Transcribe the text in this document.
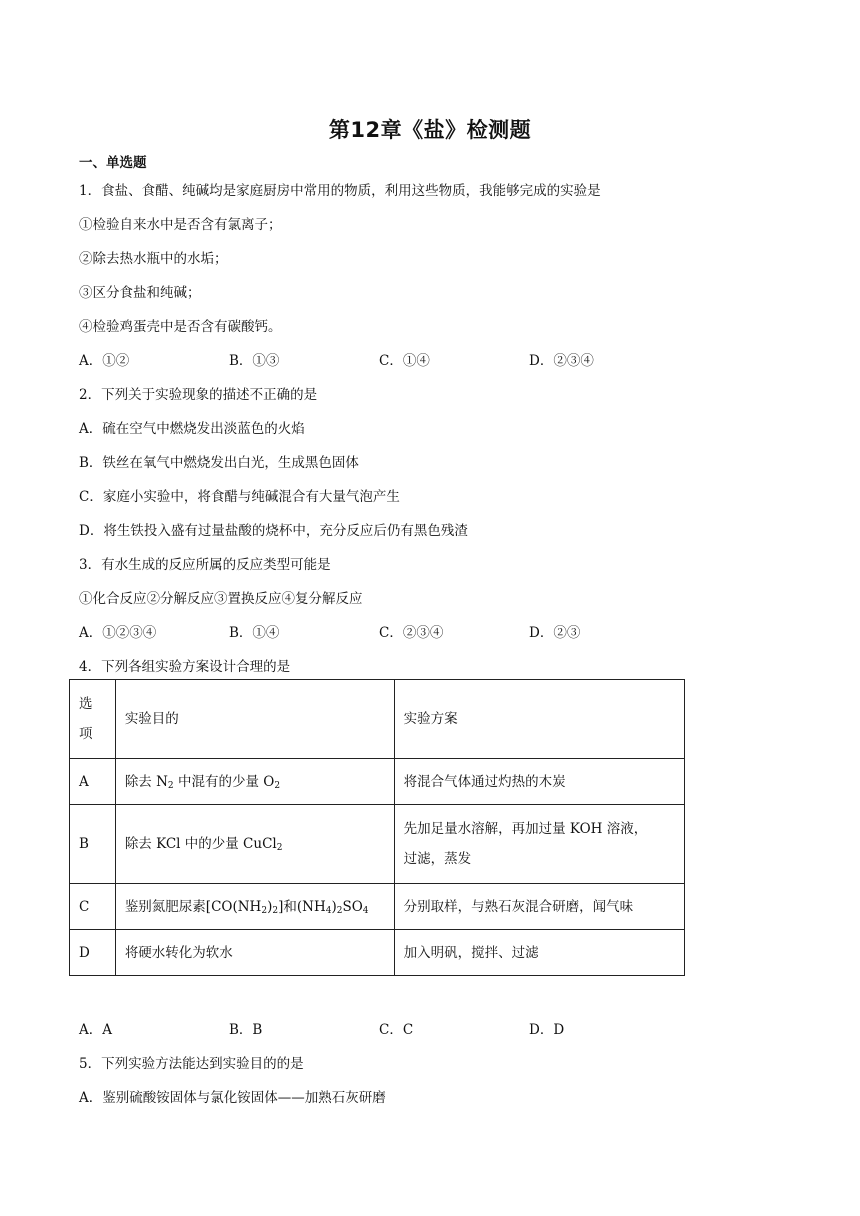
第12章《盐》检测题
一、单选题
1．食盐、食醋、纯碱均是家庭厨房中常用的物质，利用这些物质，我能够完成的实验是
①检验自来水中是否含有氯离子；
②除去热水瓶中的水垢；
③区分食盐和纯碱；
④检验鸡蛋壳中是否含有碳酸钙。
A．①②	B．①③	C．①④	D．②③④
2．下列关于实验现象的描述不正确的是
A．硫在空气中燃烧发出淡蓝色的火焰
B．铁丝在氧气中燃烧发出白光，生成黑色固体
C．家庭小实验中，将食醋与纯碱混合有大量气泡产生
D．将生铁投入盛有过量盐酸的烧杯中，充分反应后仍有黑色残渣
3．有水生成的反应所属的反应类型可能是
①化合反应②分解反应③置换反应④复分解反应
A．①②③④	B．①④	C．②③④	D．②③
4．下列各组实验方案设计合理的是
选
项	实验目的	实验方案
A	除去 $N_2$ 中混有的少量 $O_2$	将混合气体通过灼热的木炭
B	除去 KCl 中的少量 CuCl$_2$	先加足量水溶解，再加过量 KOH 溶液，
过滤，蒸发

C	鉴别氮肥尿素$[CO(NH_2)_2]$和$(NH_4)_2SO_4$	分别取样，与熟石灰混合研磨，闻气味
D	将硬水转化为软水	加入明矾，搅拌、过滤
A．A	B．B	C．C	D．D
5．下列实验方法能达到实验目的的是
A．鉴别硫酸铵固体与氯化铵固体——加熟石灰研磨
